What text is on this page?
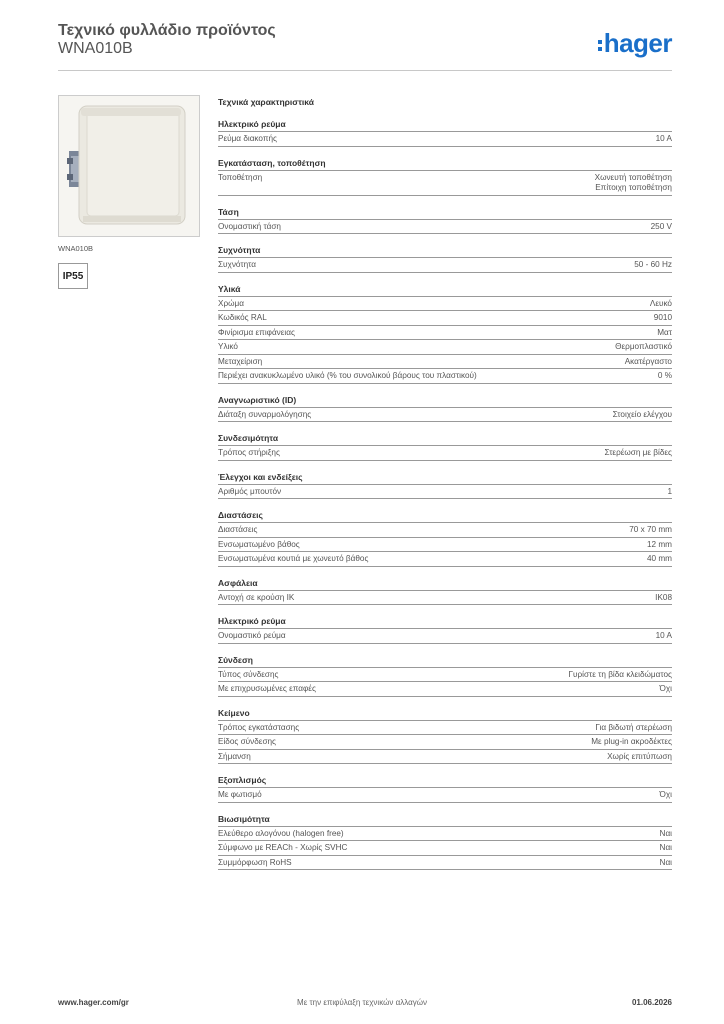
Τεχνικό φυλλάδιο προϊόντος
WNA010B	hager
WNA010B
IP55
Τεχνικά χαρακτηριστικά
Ηλεκτρικό ρεύμα
Ρεύμα διακοπής	10 A
Εγκατάσταση, τοποθέτηση
Τοποθέτηση	Χωνευτή τοποθέτηση
Επίτοιχη τοποθέτηση
Τάση
Ονομαστική τάση	250 V
Συχνότητα
Συχνότητα	50 - 60 Hz
Υλικά
Χρώμα	Λευκό
Κωδικός RAL	9010
Φινίρισμα επιφάνειας	Ματ
Υλικό	Θερμοπλαστικό
Μεταχείριση	Ακατέργαστο
Περιέχει ανακυκλωμένο υλικό (% του συνολικού βάρους του πλαστικού)	0 %
Αναγνωριστικό (ID)
Διάταξη συναρμολόγησης	Στοιχείο ελέγχου
Συνδεσιμότητα
Τρόπος στήριξης	Στερέωση με βίδες
Έλεγχοι και ενδείξεις
Αριθμός μπουτόν	1
Διαστάσεις
Διαστάσεις	70 x 70 mm
Ενσωματωμένο βάθος	12 mm
Ενσωματωμένα κουτιά με χωνευτό βάθος	40 mm
Ασφάλεια
Αντοχή σε κρούση IK	IK08
Ηλεκτρικό ρεύμα
Ονομαστικό ρεύμα	10 A
Σύνδεση
Τύπος σύνδεσης	Γυρίστε τη βίδα κλειδώματος
Με επιχρυσωμένες επαφές	Όχι
Κείμενο
Τρόπος εγκατάστασης	Για βιδωτή στερέωση
Είδος σύνδεσης	Με plug-in ακροδέκτες
Σήμανση	Χωρίς επιτύπωση
Εξοπλισμός
Με φωτισμό	Όχι
Βιωσιμότητα
Ελεύθερο αλογόνου (halogen free)	Ναι
Σύμφωνο με REACh - Χωρίς SVHC	Ναι
Συμμόρφωση RoHS	Ναι
www.hager.com/gr	Με την επιφύλαξη τεχνικών αλλαγών	01.06.2026
